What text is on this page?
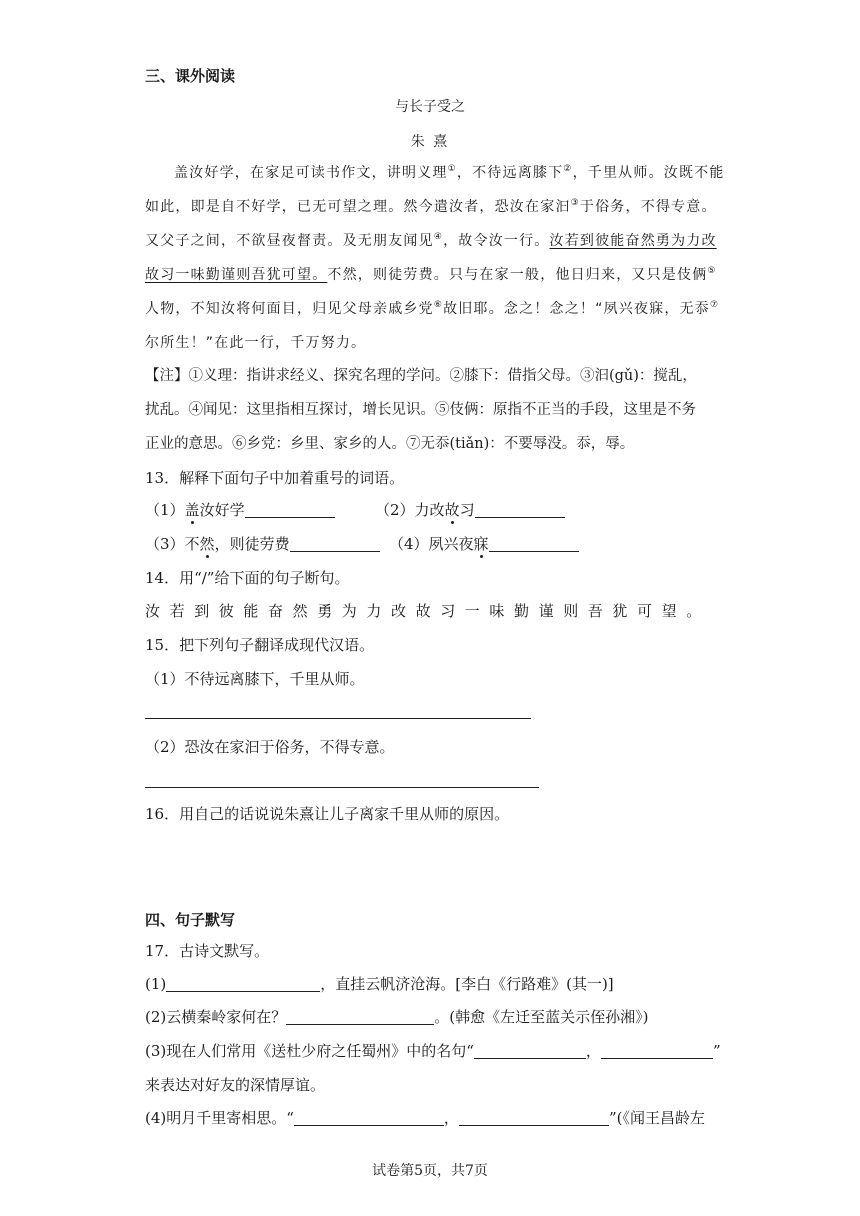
三、课外阅读
与长子受之
朱 熹
盖汝好学，在家足可读书作文，讲明义理①，不待远离膝下②，千里从师。汝既不能
如此，即是自不好学，已无可望之理。然今遣汝者，恐汝在家汩③于俗务，不得专意。
又父子之间，不欲昼夜督责。及无朋友闻见④，故令汝一行。汝若到彼能奋然勇为力改
故习一味勤谨则吾犹可望。不然，则徒劳费。只与在家一般，他日归来，又只是伎俩⑤
人物，不知汝将何面目，归见父母亲戚乡党⑥故旧耶。念之！念之！“夙兴夜寐，无忝⑦
尔所生！”在此一行，千万努力。
【注】①义理：指讲求经义、探究名理的学问。②膝下：借指父母。③汩(gǔ)：搅乱，
扰乱。④闻见：这里指相互探讨，增长见识。⑤伎俩：原指不正当的手段，这里是不务
正业的意思。⑥乡党：乡里、家乡的人。⑦无忝(tiǎn)：不要辱没。忝，辱。
13．解释下面句子中加着重号的词语。
（1）盖汝好学	（2）力改故习
（3）不然，则徒劳费	（4）夙兴夜寐
14．用“/”给下面的句子断句。
汝若到彼能奋然勇为力改故习一味勤谨则吾犹可望。
15．把下列句子翻译成现代汉语。
（1）不待远离膝下，千里从师。
（2）恐汝在家汩于俗务，不得专意。
16．用自己的话说说朱熹让儿子离家千里从师的原因。
四、句子默写
17．古诗文默写。
(1)	，直挂云帆济沧海。[李白《行路难》(其一)]
(2)云横秦岭家何在？	。(韩愈《左迁至蓝关示侄孙湘》)
(3)现在人们常用《送杜少府之任蜀州》中的名句“	，	”
来表达对好友的深情厚谊。
(4)明月千里寄相思。“	，	”(《闻王昌龄左
试卷第5页，共7页
